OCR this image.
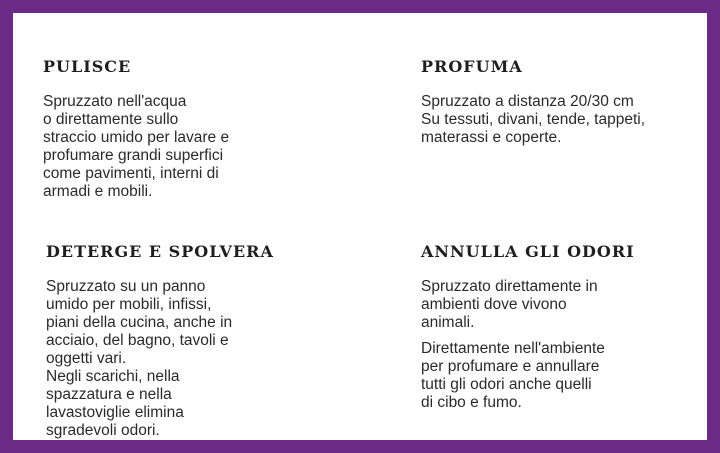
PULISCE

Spruzzato nell'acqua
o direttamente sullo
straccio umido per lavare e
profumare grandi superfici
come pavimenti, interni di
armadi e mobili.

PROFUMA

Spruzzato a distanza 20/30 cm
Su tessuti, divani, tende, tappeti,
materassi e coperte.

DETERGE E SPOLVERA

Spruzzato su un panno
umido per mobili, infissi,
piani della cucina, anche in
acciaio, del bagno, tavoli e
oggetti vari.
Negli scarichi, nella
spazzatura e nella
lavastoviglie elimina
sgradevoli odori.

ANNULLA GLI ODORI

Spruzzato direttamente in
ambienti dove vivono
animali.

Direttamente nell'ambiente
per profumare e annullare
tutti gli odori anche quelli
di cibo e fumo.
